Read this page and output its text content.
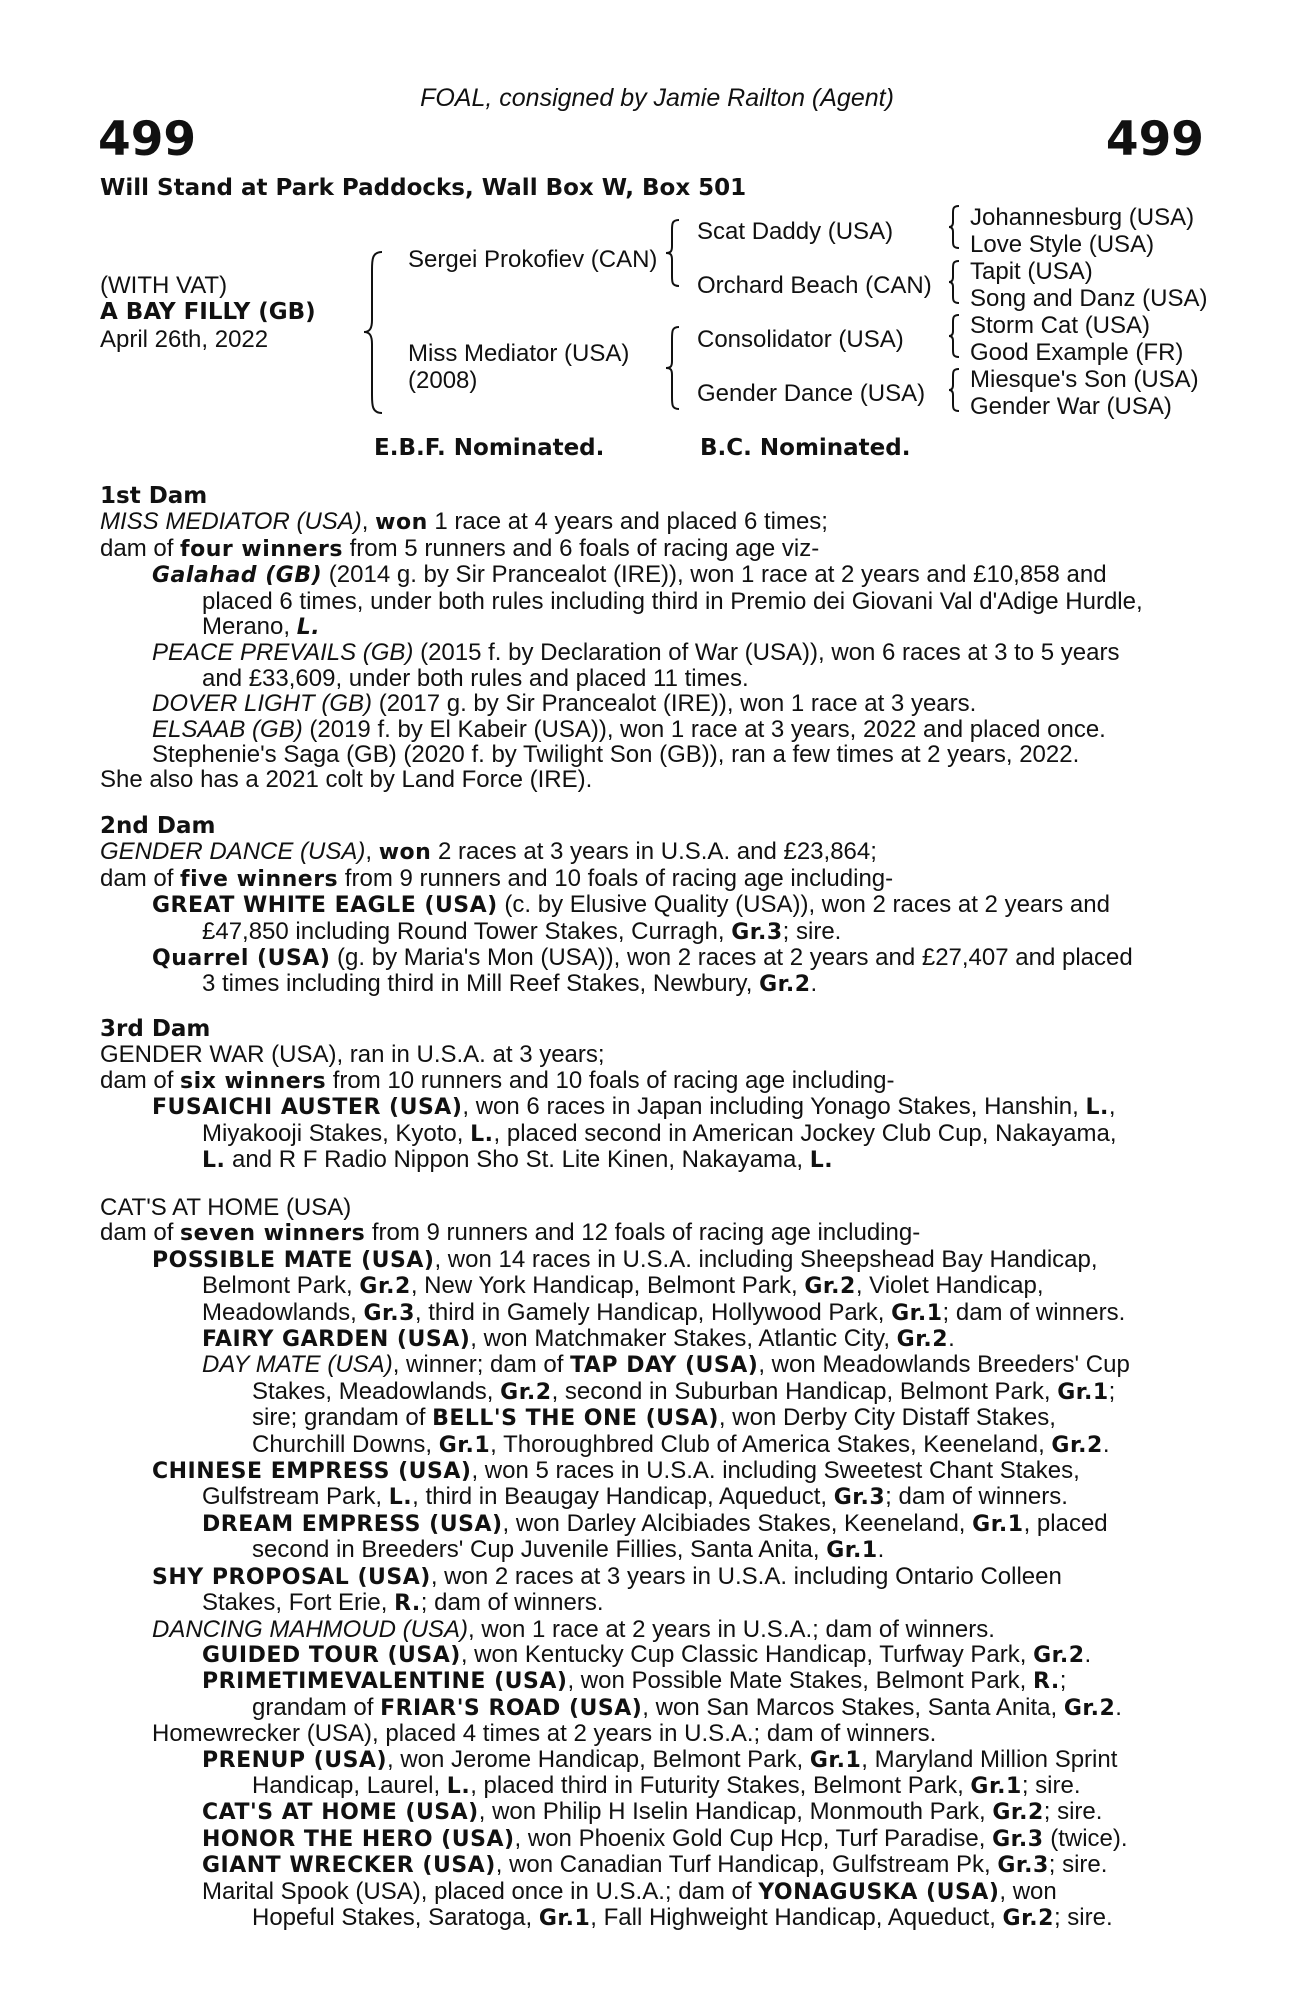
FOAL, consigned by Jamie Railton (Agent)
499	499
Will Stand at Park Paddocks, Wall Box W, Box 501
(WITH VAT)
A BAY FILLY (GB)
April 26th, 2022
Sergei Prokofiev (CAN)
Miss Mediator (USA)
(2008)
Scat Daddy (USA)
Orchard Beach (CAN)
Consolidator (USA)
Gender Dance (USA)
Johannesburg (USA)
Love Style (USA)
Tapit (USA)
Song and Danz (USA)
Storm Cat (USA)
Good Example (FR)
Miesque's Son (USA)
Gender War (USA)
E.B.F. Nominated.	B.C. Nominated.
1st Dam
MISS MEDIATOR (USA), won 1 race at 4 years and placed 6 times;
dam of four winners from 5 runners and 6 foals of racing age viz-
Galahad (GB) (2014 g. by Sir Prancealot (IRE)), won 1 race at 2 years and £10,858 and
placed 6 times, under both rules including third in Premio dei Giovani Val d'Adige Hurdle,
Merano, L.
PEACE PREVAILS (GB) (2015 f. by Declaration of War (USA)), won 6 races at 3 to 5 years
and £33,609, under both rules and placed 11 times.
DOVER LIGHT (GB) (2017 g. by Sir Prancealot (IRE)), won 1 race at 3 years.
ELSAAB (GB) (2019 f. by El Kabeir (USA)), won 1 race at 3 years, 2022 and placed once.
Stephenie's Saga (GB) (2020 f. by Twilight Son (GB)), ran a few times at 2 years, 2022.
She also has a 2021 colt by Land Force (IRE).
2nd Dam
GENDER DANCE (USA), won 2 races at 3 years in U.S.A. and £23,864;
dam of five winners from 9 runners and 10 foals of racing age including-
GREAT WHITE EAGLE (USA) (c. by Elusive Quality (USA)), won 2 races at 2 years and
£47,850 including Round Tower Stakes, Curragh, Gr.3; sire.
Quarrel (USA) (g. by Maria's Mon (USA)), won 2 races at 2 years and £27,407 and placed
3 times including third in Mill Reef Stakes, Newbury, Gr.2.
3rd Dam
GENDER WAR (USA), ran in U.S.A. at 3 years;
dam of six winners from 10 runners and 10 foals of racing age including-
FUSAICHI AUSTER (USA), won 6 races in Japan including Yonago Stakes, Hanshin, L.,
Miyakooji Stakes, Kyoto, L., placed second in American Jockey Club Cup, Nakayama,
L. and R F Radio Nippon Sho St. Lite Kinen, Nakayama, L.
CAT'S AT HOME (USA)
dam of seven winners from 9 runners and 12 foals of racing age including-
POSSIBLE MATE (USA), won 14 races in U.S.A. including Sheepshead Bay Handicap,
Belmont Park, Gr.2, New York Handicap, Belmont Park, Gr.2, Violet Handicap,
Meadowlands, Gr.3, third in Gamely Handicap, Hollywood Park, Gr.1; dam of winners.
FAIRY GARDEN (USA), won Matchmaker Stakes, Atlantic City, Gr.2.
DAY MATE (USA), winner; dam of TAP DAY (USA), won Meadowlands Breeders' Cup
Stakes, Meadowlands, Gr.2, second in Suburban Handicap, Belmont Park, Gr.1;
sire; grandam of BELL'S THE ONE (USA), won Derby City Distaff Stakes,
Churchill Downs, Gr.1, Thoroughbred Club of America Stakes, Keeneland, Gr.2.
CHINESE EMPRESS (USA), won 5 races in U.S.A. including Sweetest Chant Stakes,
Gulfstream Park, L., third in Beaugay Handicap, Aqueduct, Gr.3; dam of winners.
DREAM EMPRESS (USA), won Darley Alcibiades Stakes, Keeneland, Gr.1, placed
second in Breeders' Cup Juvenile Fillies, Santa Anita, Gr.1.
SHY PROPOSAL (USA), won 2 races at 3 years in U.S.A. including Ontario Colleen
Stakes, Fort Erie, R.; dam of winners.
DANCING MAHMOUD (USA), won 1 race at 2 years in U.S.A.; dam of winners.
GUIDED TOUR (USA), won Kentucky Cup Classic Handicap, Turfway Park, Gr.2.
PRIMETIMEVALENTINE (USA), won Possible Mate Stakes, Belmont Park, R.;
grandam of FRIAR'S ROAD (USA), won San Marcos Stakes, Santa Anita, Gr.2.
Homewrecker (USA), placed 4 times at 2 years in U.S.A.; dam of winners.
PRENUP (USA), won Jerome Handicap, Belmont Park, Gr.1, Maryland Million Sprint
Handicap, Laurel, L., placed third in Futurity Stakes, Belmont Park, Gr.1; sire.
CAT'S AT HOME (USA), won Philip H Iselin Handicap, Monmouth Park, Gr.2; sire.
HONOR THE HERO (USA), won Phoenix Gold Cup Hcp, Turf Paradise, Gr.3 (twice).
GIANT WRECKER (USA), won Canadian Turf Handicap, Gulfstream Pk, Gr.3; sire.
Marital Spook (USA), placed once in U.S.A.; dam of YONAGUSKA (USA), won
Hopeful Stakes, Saratoga, Gr.1, Fall Highweight Handicap, Aqueduct, Gr.2; sire.
